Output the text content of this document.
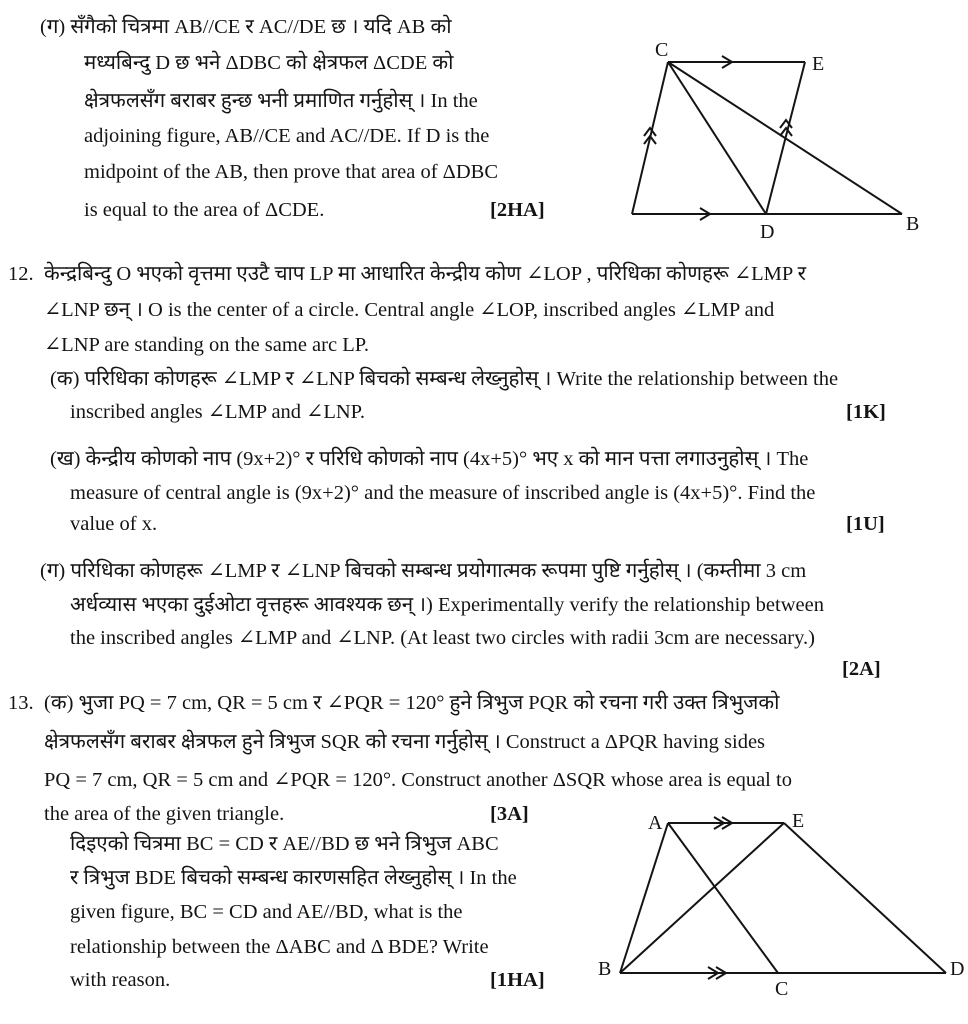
(ग) सँगैको चित्रमा AB//CE र AC//DE छ । यदि AB को
मध्यबिन्दु D छ भने ΔDBC को क्षेत्रफल ΔCDE को
क्षेत्रफलसँग बराबर हुन्छ भनी प्रमाणित गर्नुहोस् । In the
adjoining figure, AB//CE and AC//DE. If D is the
midpoint of the AB, then prove that area of ΔDBC
is equal to the area of ΔCDE.	[2HA]
C
E
D	B
12. केन्द्रबिन्दु O भएको वृत्तमा एउटै चाप LP मा आधारित केन्द्रीय कोण ∠LOP , परिधिका कोणहरू ∠LMP र
∠LNP छन् । O is the center of a circle. Central angle ∠LOP, inscribed angles ∠LMP and
∠LNP are standing on the same arc LP.
(क) परिधिका कोणहरू ∠LMP र ∠LNP बिचको सम्बन्ध लेख्नुहोस् । Write the relationship between the
inscribed angles ∠LMP and ∠LNP.	[1K]
(ख) केन्द्रीय कोणको नाप (9x+2)° र परिधि कोणको नाप (4x+5)° भए x को मान पत्ता लगाउनुहोस् । The
measure of central angle is (9x+2)° and the measure of inscribed angle is (4x+5)°. Find the
value of x.	[1U]
(ग) परिधिका कोणहरू ∠LMP र ∠LNP बिचको सम्बन्ध प्रयोगात्मक रूपमा पुष्टि गर्नुहोस् । (कम्तीमा 3 cm
अर्धव्यास भएका दुईओटा वृत्तहरू आवश्यक छन् ।) Experimentally verify the relationship between
the inscribed angles ∠LMP and ∠LNP. (At least two circles with radii 3cm are necessary.)
[2A]
13. (क) भुजा PQ = 7 cm, QR = 5 cm र ∠PQR = 120° हुने त्रिभुज PQR को रचना गरी उक्त त्रिभुजको
क्षेत्रफलसँग बराबर क्षेत्रफल हुने त्रिभुज SQR को रचना गर्नुहोस् । Construct a ΔPQR having sides
PQ = 7 cm, QR = 5 cm and ∠PQR = 120°. Construct another ΔSQR whose area is equal to
the area of the given triangle.	[3A]
दिइएको चित्रमा BC = CD र AE//BD छ भने त्रिभुज ABC
र त्रिभुज BDE बिचको सम्बन्ध कारणसहित लेख्नुहोस् । In the
given figure, BC = CD and AE//BD, what is the
relationship between the ΔABC and Δ BDE? Write
with reason.	[1HA]
A	E
B
C
D
